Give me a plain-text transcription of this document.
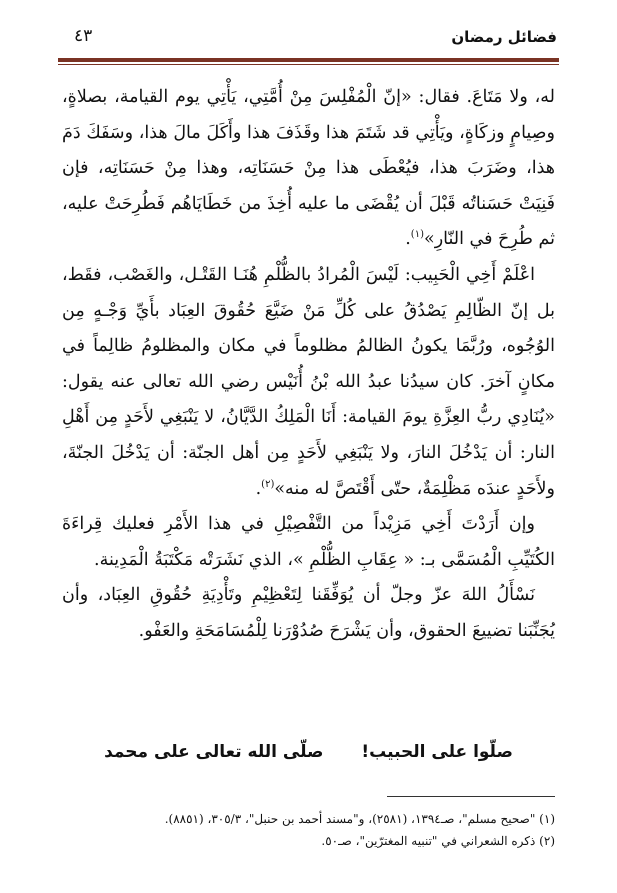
فضائل رمضان
٤٣

له، ولا مَتَاعَ. فقال: «إنّ الْمُفْلِسَ مِنْ أُمَّتِي، يَأْتِي يوم القيامة، بصلاةٍ، وصِيامٍ وزكَاةٍ، ويَأْتِي قد شَتَمَ هذا وقَذَفَ هذا وأَكَلَ مالَ هذا، وسَفَكَ دَمَ هذا، وضَرَبَ هذا، فيُعْطَى هذا مِنْ حَسَنَاتِه، وهذا مِنْ حَسَنَاتِه، فإن فَنِيَتْ حَسَناتُه قَبْلَ أن يُقْضَى ما عليه أُخِذَ من خَطَايَاهُم فَطُرِحَتْ عليه، ثم طُرِحَ في النّارِ»$^{(١)}$.

اعْلَمْ أَخِي الْحَبِيب: لَيْسَ الْمُرادُ بالظُّلْمِ هُنَـا القَتْـل، والغَصْب، فقَط، بل إنّ الظّالِمِ يَصْدُقُ على كُلِّ مَنْ ضَيَّعَ حُقُوقَ العِبَاد بأَيِّ وَجْـهٍ مِن الوُجُوه، ورُبَّمَا يكونُ الظالمُ مظلوماً في مكان والمظلومُ ظالِماً في مكانٍ آخرَ. كان سيدُنا عبدُ الله بْنُ أُنَيْس رضي الله تعالى عنه يقول: «يُنَادِي ربُّ العِزَّةِ يومَ القيامة: أَنَا الْمَلِكُ الدَّيَّانُ، لا يَنْبَغِي لأَحَدٍ مِن أَهْلِ النار: أن يَدْخُلَ النارَ، ولا يَنْبَغِي لأَحَدٍ مِن أهل الجنّة: أن يَدْخُلَ الجنّةَ، ولأَحَدٍ عندَه مَظْلِمَةٌ، حتّى أَقْتَصَّ له منه»$^{(٢)}$.

وإن أَرَدْتَ أَخِي مَزِيْداً من التَّفْصِيْلِ في هذا الأَمْرِ فعليك قِراءَةَ الكُتَيِّبِ الْمُسَمَّى بـ: « عِقَابِ الظُّلْمِ »، الذي نَشَرَتْه مَكْتَبَةُ الْمَدِينة.

نَسْأَلُ اللهَ عزّ وجلّ أن يُوَفِّقَنا لِتَعْظِيْمِ وتَأْدِيَةِ حُقُوقِ العِبَاد، وأن يُجَنِّبَنا تضييعَ الحقوق، وأن يَشْرَحَ صُدُوْرَنا لِلْمُسَامَحَةِ والعَفْو.

صلّوا على الحبيب! صلّى الله تعالى على محمد

(١) "صحيح مسلم"، صـ١٣٩٤، (٢٥٨١)، و"مسند أحمد بن حنبل"، ٣٠٥/٣، (٨٨٥١).

(٢) ذكره الشعراني في "تنبيه المغترّين"، صـ٥٠.
